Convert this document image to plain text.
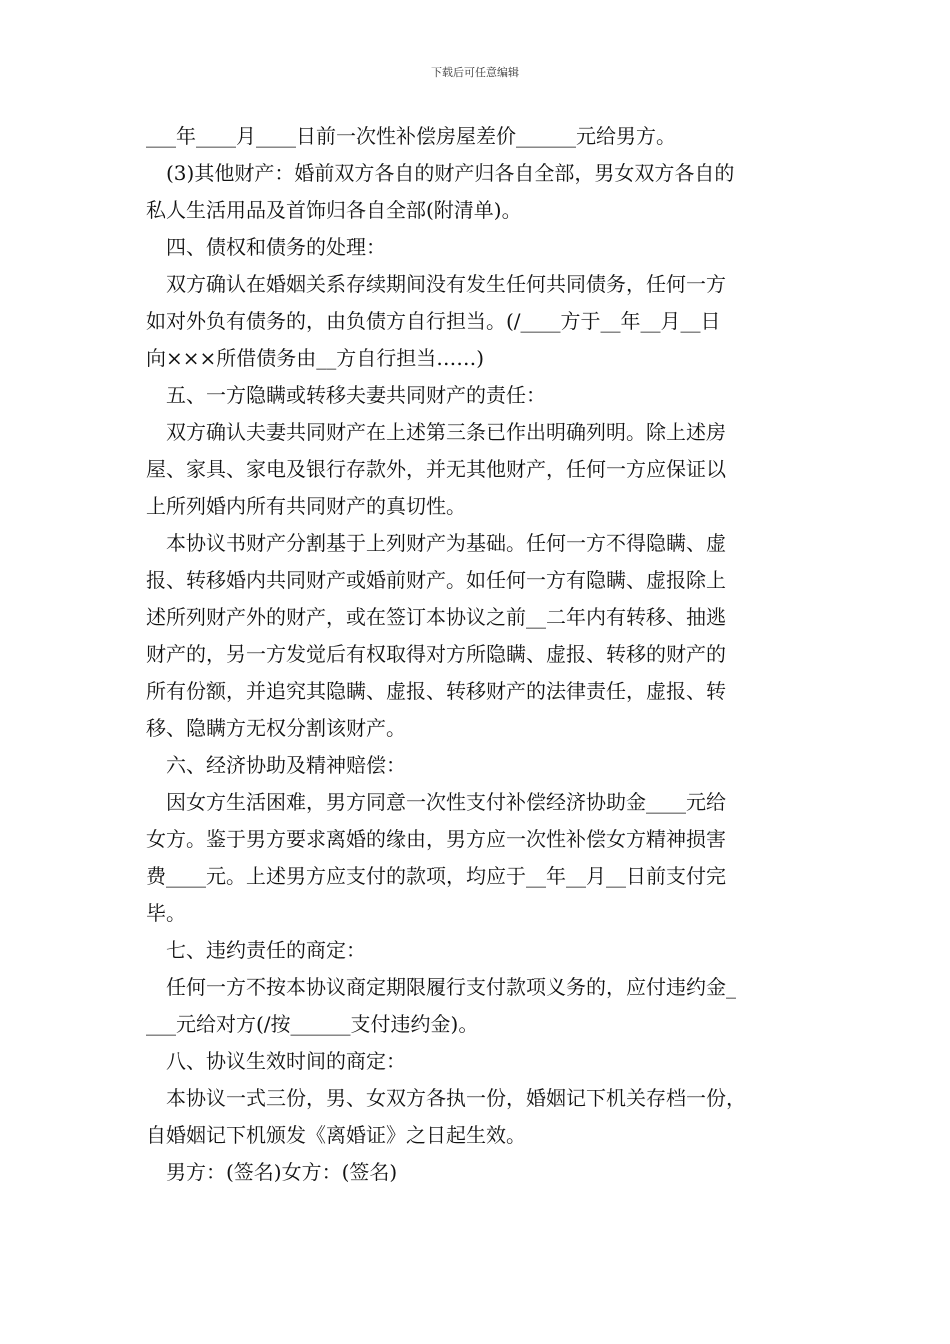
下载后可任意编辑
___年____月____日前一次性补偿房屋差价______元给男方。
(3)其他财产：婚前双方各自的财产归各自全部，男女双方各自的
私人生活用品及首饰归各自全部(附清单)。
四、债权和债务的处理：
双方确认在婚姻关系存续期间没有发生任何共同债务，任何一方
如对外负有债务的，由负债方自行担当。(/____方于__年__月__日
向×××所借债务由__方自行担当……)
五、一方隐瞒或转移夫妻共同财产的责任：
双方确认夫妻共同财产在上述第三条已作出明确列明。除上述房
屋、家具、家电及银行存款外，并无其他财产，任何一方应保证以
上所列婚内所有共同财产的真切性。
本协议书财产分割基于上列财产为基础。任何一方不得隐瞒、虚
报、转移婚内共同财产或婚前财产。如任何一方有隐瞒、虚报除上
述所列财产外的财产，或在签订本协议之前__二年内有转移、抽逃
财产的，另一方发觉后有权取得对方所隐瞒、虚报、转移的财产的
所有份额，并追究其隐瞒、虚报、转移财产的法律责任，虚报、转
移、隐瞒方无权分割该财产。
六、经济协助及精神赔偿：
因女方生活困难，男方同意一次性支付补偿经济协助金____元给
女方。鉴于男方要求离婚的缘由，男方应一次性补偿女方精神损害
费____元。上述男方应支付的款项，均应于__年__月__日前支付完
毕。
七、违约责任的商定：
任何一方不按本协议商定期限履行支付款项义务的，应付违约金_
___元给对方(/按______支付违约金)。
八、协议生效时间的商定：
本协议一式三份，男、女双方各执一份，婚姻记下机关存档一份，
自婚姻记下机颁发《离婚证》之日起生效。
男方：(签名)女方：(签名)
